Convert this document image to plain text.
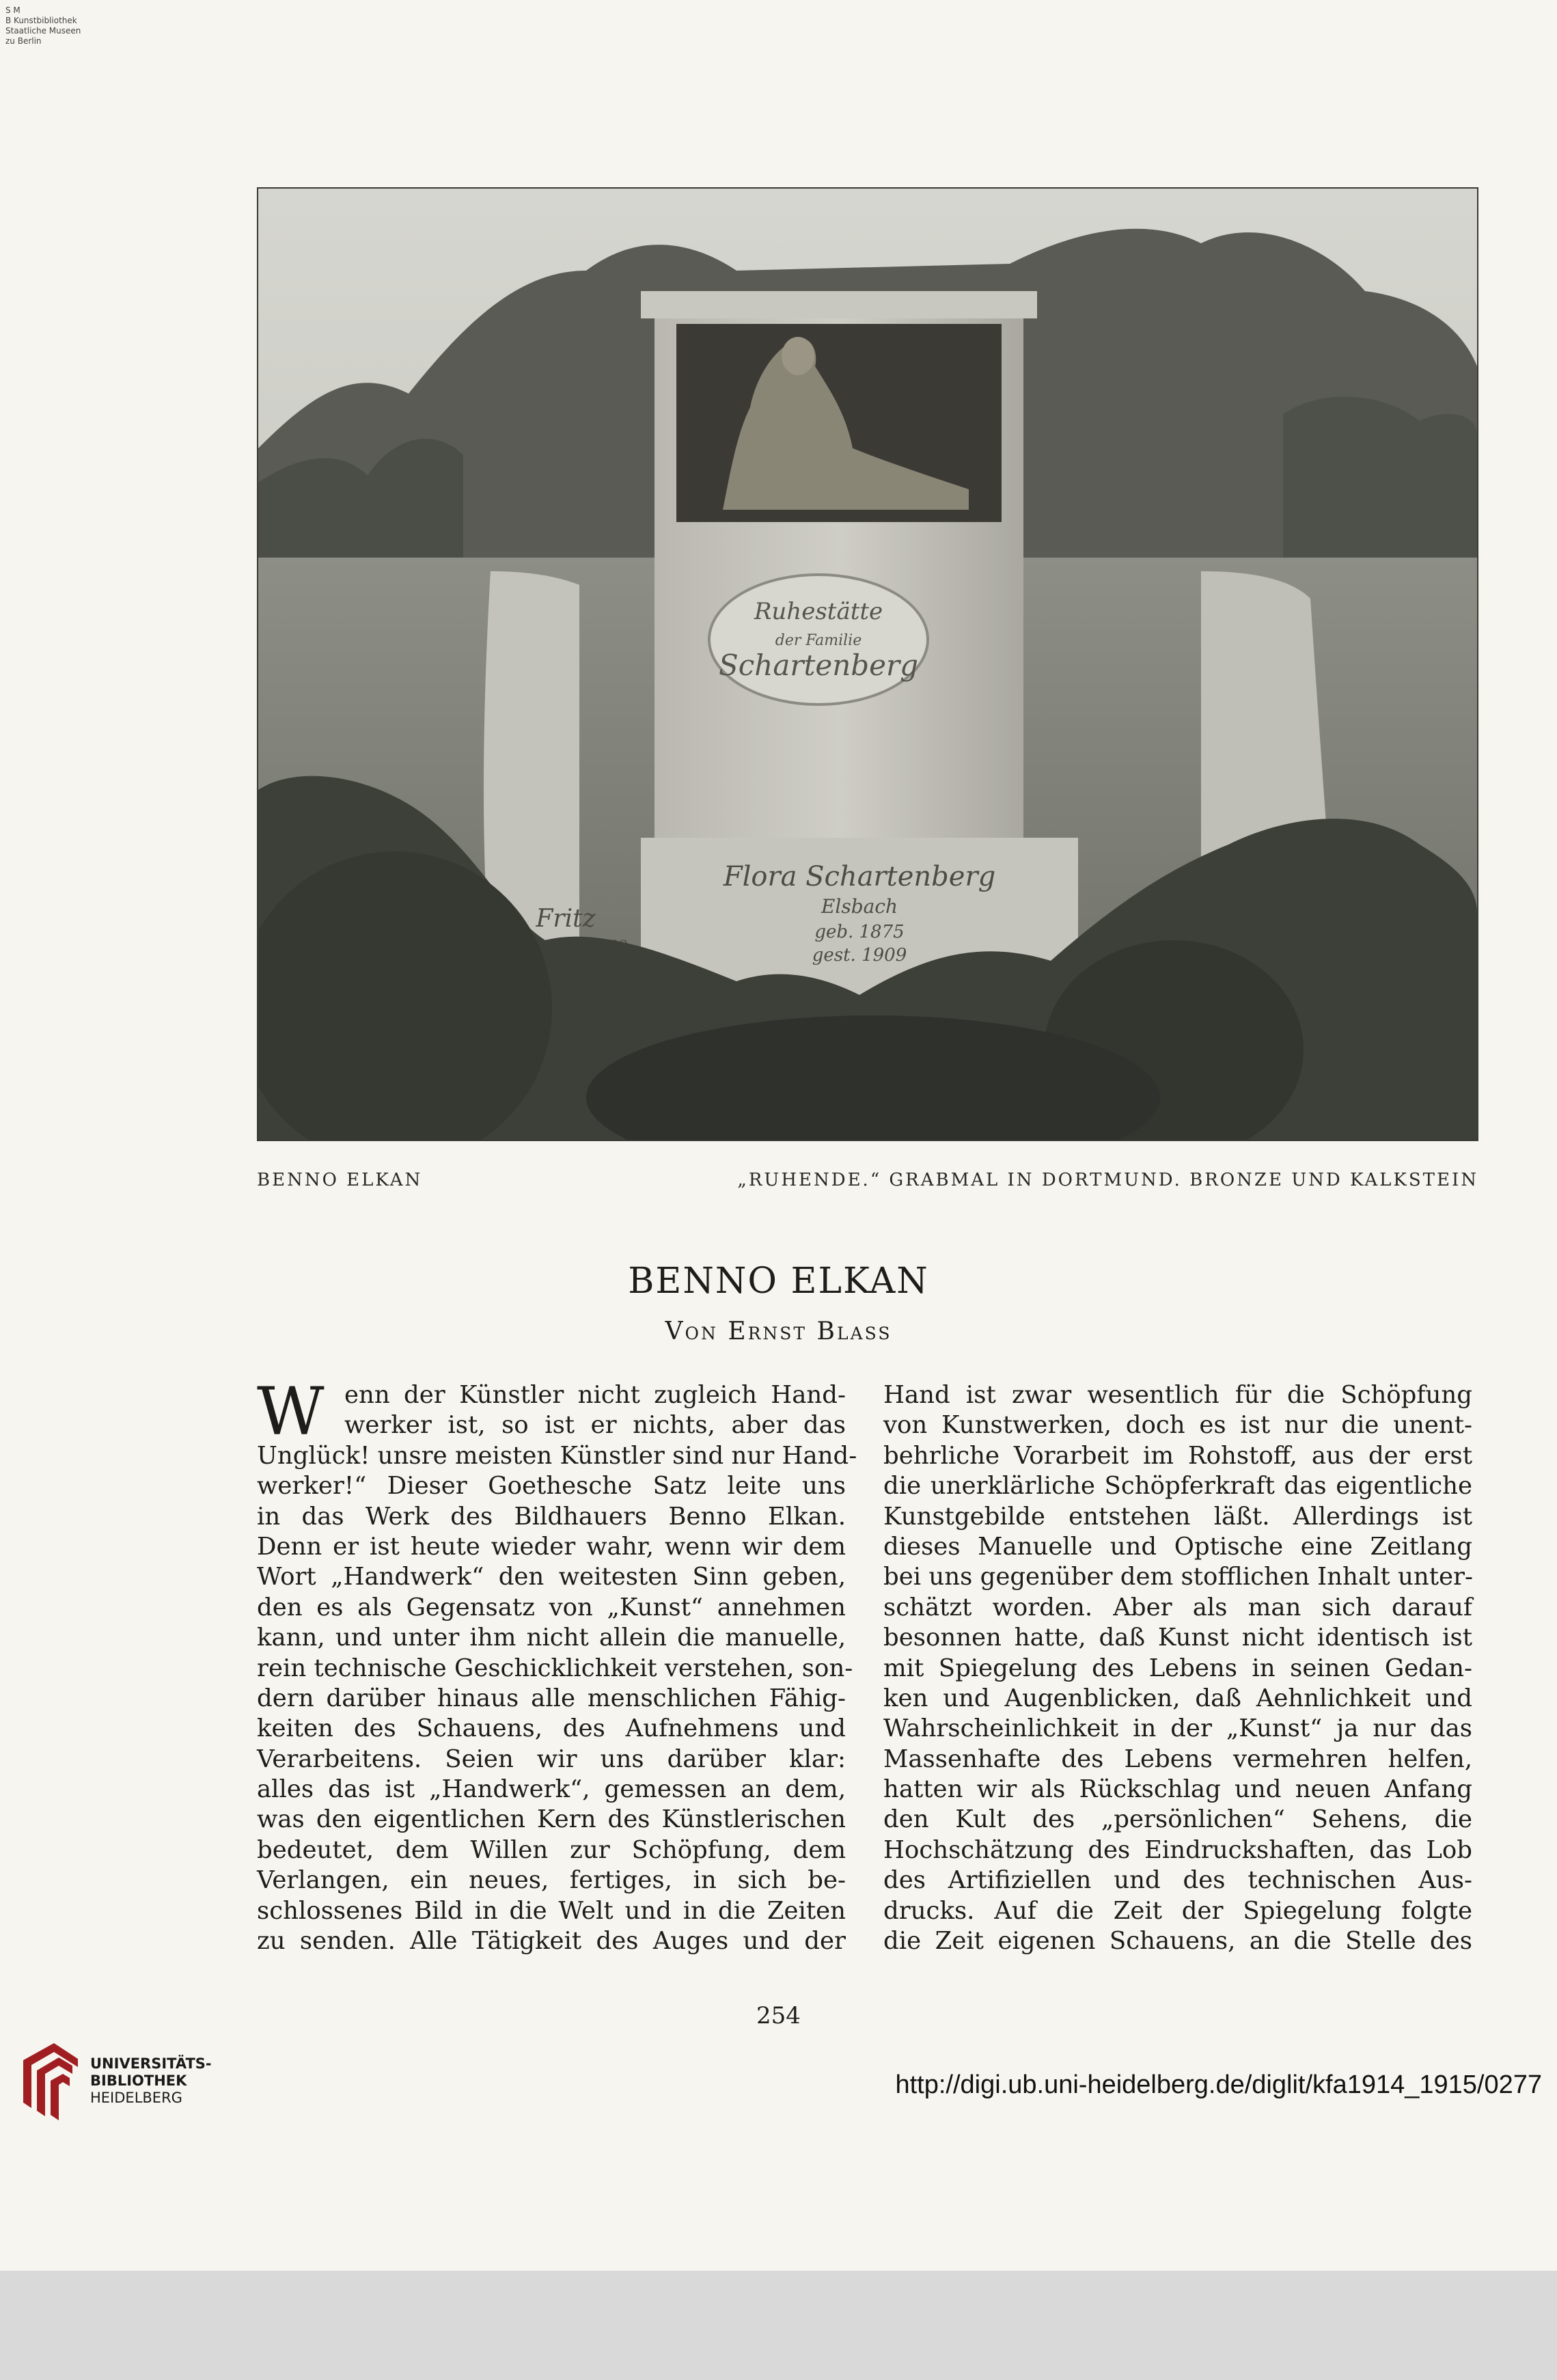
S M
B Kunstbibliothek
Staatliche Museen
zu Berlin
Ruhestätte
der Familie
Schartenberg
Flora Schartenberg
Elsbach
geb. 1875
gest. 1909
Fritz
BENNO ELKAN	„RUHENDE.“ GRABMAL IN DORTMUND. BRONZE UND KALKSTEIN
BENNO ELKAN
Von Ernst Blass
W enn der Künstler nicht zugleich Hand-
werker ist, so ist er nichts, aber das
Unglück! unsre meisten Künstler sind nur Hand-
werker!“ Dieser Goethesche Satz leite uns
in das Werk des Bildhauers Benno Elkan.
Denn er ist heute wieder wahr, wenn wir dem
Wort „Handwerk“ den weitesten Sinn geben,
den es als Gegensatz von „Kunst“ annehmen
kann, und unter ihm nicht allein die manuelle,
rein technische Geschicklichkeit verstehen, son-
dern darüber hinaus alle menschlichen Fähig-
keiten des Schauens, des Aufnehmens und
Verarbeitens. Seien wir uns darüber klar:
alles das ist „Handwerk“, gemessen an dem,
was den eigentlichen Kern des Künstlerischen
bedeutet, dem Willen zur Schöpfung, dem
Verlangen, ein neues, fertiges, in sich be-
schlossenes Bild in die Welt und in die Zeiten
zu senden. Alle Tätigkeit des Auges und der
Hand ist zwar wesentlich für die Schöpfung
von Kunstwerken, doch es ist nur die unent-
behrliche Vorarbeit im Rohstoff, aus der erst
die unerklärliche Schöpferkraft das eigentliche
Kunstgebilde entstehen läßt. Allerdings ist
dieses Manuelle und Optische eine Zeitlang
bei uns gegenüber dem stofflichen Inhalt unter-
schätzt worden. Aber als man sich darauf
besonnen hatte, daß Kunst nicht identisch ist
mit Spiegelung des Lebens in seinen Gedan-
ken und Augenblicken, daß Aehnlichkeit und
Wahrscheinlichkeit in der „Kunst“ ja nur das
Massenhafte des Lebens vermehren helfen,
hatten wir als Rückschlag und neuen Anfang
den Kult des „persönlichen“ Sehens, die
Hochschätzung des Eindruckshaften, das Lob
des Artifiziellen und des technischen Aus-
drucks. Auf die Zeit der Spiegelung folgte
die Zeit eigenen Schauens, an die Stelle des
254
UNIVERSITÄTS-
BIBLIOTHEK
HEIDELBERG	http://digi.ub.uni-heidelberg.de/diglit/kfa1914_1915/0277
